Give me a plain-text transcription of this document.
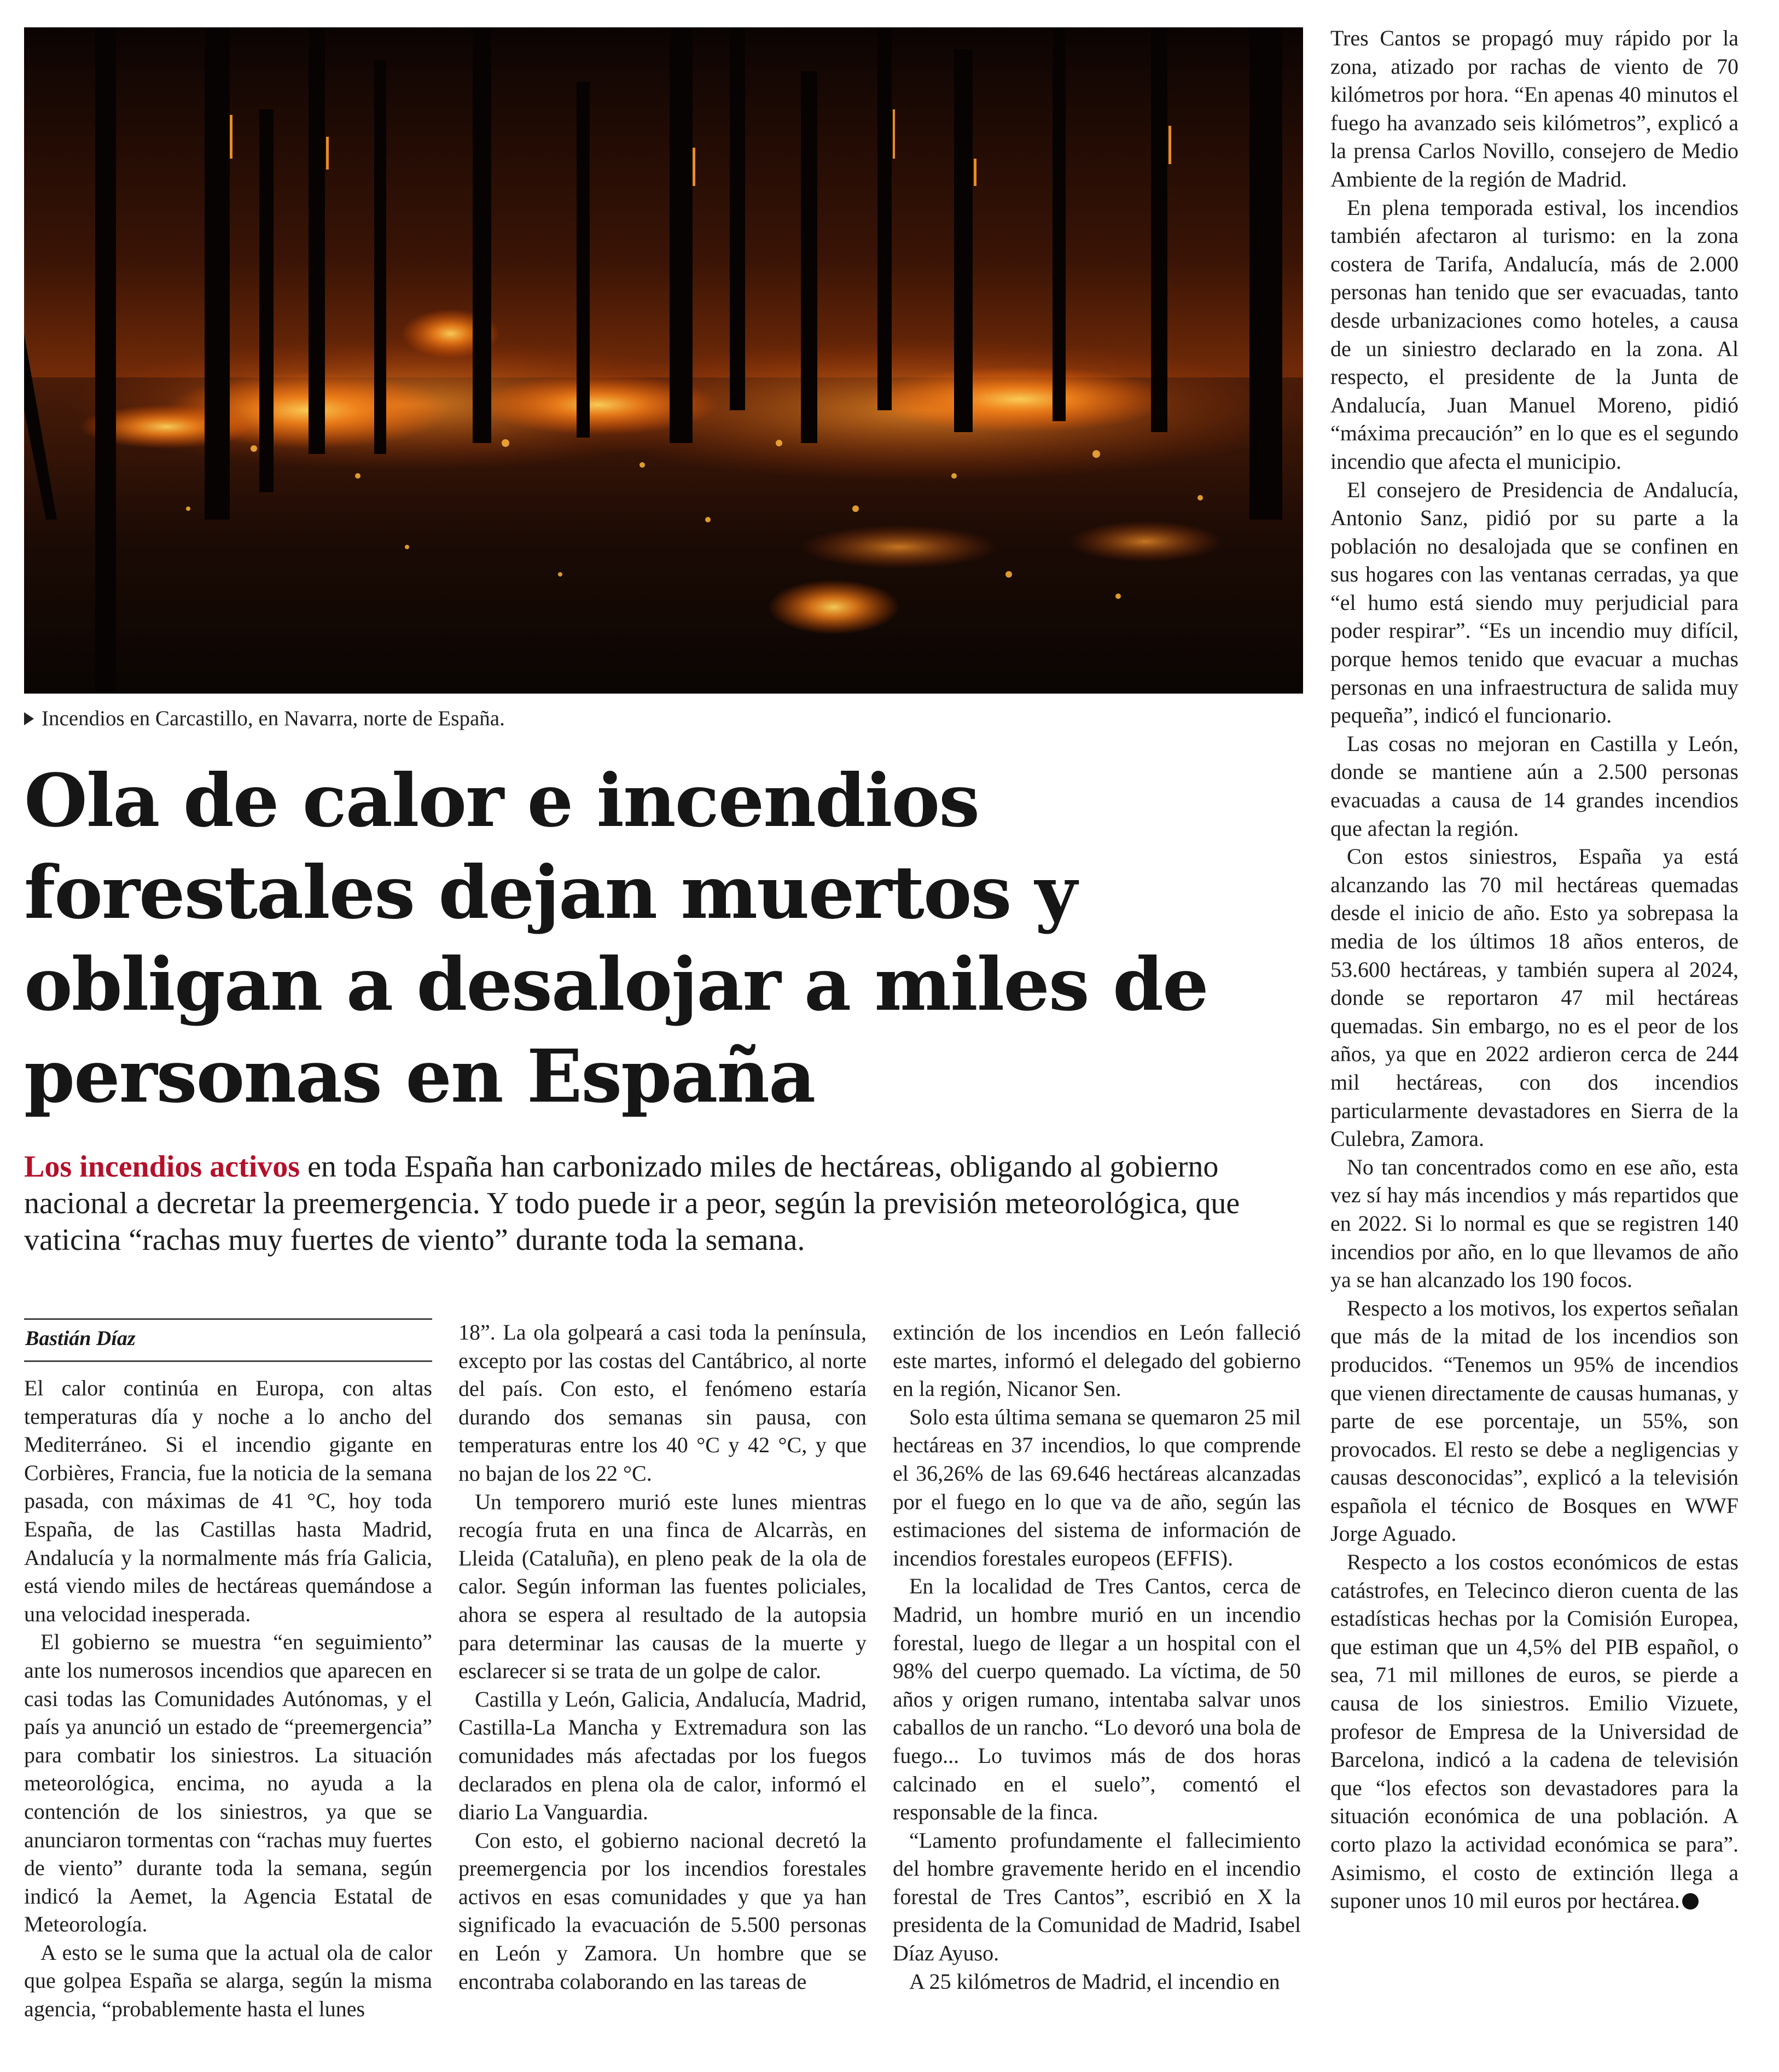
Incendios en Carcastillo, en Navarra, norte de España.
Ola de calor e incendios forestales dejan muertos y obligan a desalojar a miles de personas en España
Los incendios activos en toda España han carbonizado miles de hectáreas, obligando al gobierno nacional a decretar la preemergencia. Y todo puede ir a peor, según la previsión meteorológica, que vaticina “rachas muy fuertes de viento” durante toda la semana.
Bastián Díaz

El calor continúa en Europa, con altas temperaturas día y noche a lo ancho del Mediterráneo. Si el incendio gigante en Corbières, Francia, fue la noticia de la semana pasada, con máximas de 41 °C, hoy toda España, de las Castillas hasta Madrid, Andalucía y la normalmente más fría Galicia, está viendo miles de hectáreas quemándose a una velocidad inesperada.

El gobierno se muestra “en seguimiento” ante los numerosos incendios que aparecen en casi todas las Comunidades Autónomas, y el país ya anunció un estado de “preemergencia” para combatir los siniestros. La situación meteorológica, encima, no ayuda a la contención de los siniestros, ya que se anunciaron tormentas con “rachas muy fuertes de viento” durante toda la semana, según indicó la Aemet, la Agencia Estatal de Meteorología.

A esto se le suma que la actual ola de calor que golpea España se alarga, según la misma agencia, “probablemente hasta el lunes

18”. La ola golpeará a casi toda la península, excepto por las costas del Cantábrico, al norte del país. Con esto, el fenómeno estaría durando dos semanas sin pausa, con temperaturas entre los 40 °C y 42 °C, y que no bajan de los 22 °C.

Un temporero murió este lunes mientras recogía fruta en una finca de Alcarràs, en Lleida (Cataluña), en pleno peak de la ola de calor. Según informan las fuentes policiales, ahora se espera al resultado de la autopsia para determinar las causas de la muerte y esclarecer si se trata de un golpe de calor.

Castilla y León, Galicia, Andalucía, Madrid, Castilla-La Mancha y Extremadura son las comunidades más afectadas por los fuegos declarados en plena ola de calor, informó el diario La Vanguardia.

Con esto, el gobierno nacional decretó la preemergencia por los incendios forestales activos en esas comunidades y que ya han significado la evacuación de 5.500 personas en León y Zamora. Un hombre que se encontraba colaborando en las tareas de

extinción de los incendios en León falleció este martes, informó el delegado del gobierno en la región, Nicanor Sen.

Solo esta última semana se quemaron 25 mil hectáreas en 37 incendios, lo que comprende el 36,26% de las 69.646 hectáreas alcanzadas por el fuego en lo que va de año, según las estimaciones del sistema de información de incendios forestales europeos (EFFIS).

En la localidad de Tres Cantos, cerca de Madrid, un hombre murió en un incendio forestal, luego de llegar a un hospital con el 98% del cuerpo quemado. La víctima, de 50 años y origen rumano, intentaba salvar unos caballos de un rancho. “Lo devoró una bola de fuego... Lo tuvimos más de dos horas calcinado en el suelo”, comentó el responsable de la finca.

“Lamento profundamente el fallecimiento del hombre gravemente herido en el incendio forestal de Tres Cantos”, escribió en X la presidenta de la Comunidad de Madrid, Isabel Díaz Ayuso.

A 25 kilómetros de Madrid, el incendio en

Tres Cantos se propagó muy rápido por la zona, atizado por rachas de viento de 70 kilómetros por hora. “En apenas 40 minutos el fuego ha avanzado seis kilómetros”, explicó a la prensa Carlos Novillo, consejero de Medio Ambiente de la región de Madrid.

En plena temporada estival, los incendios también afectaron al turismo: en la zona costera de Tarifa, Andalucía, más de 2.000 personas han tenido que ser evacuadas, tanto desde urbanizaciones como hoteles, a causa de un siniestro declarado en la zona. Al respecto, el presidente de la Junta de Andalucía, Juan Manuel Moreno, pidió “máxima precaución” en lo que es el segundo incendio que afecta el municipio.

El consejero de Presidencia de Andalucía, Antonio Sanz, pidió por su parte a la población no desalojada que se confinen en sus hogares con las ventanas cerradas, ya que “el humo está siendo muy perjudicial para poder respirar”. “Es un incendio muy difícil, porque hemos tenido que evacuar a muchas personas en una infraestructura de salida muy pequeña”, indicó el funcionario.

Las cosas no mejoran en Castilla y León, donde se mantiene aún a 2.500 personas evacuadas a causa de 14 grandes incendios que afectan la región.

Con estos siniestros, España ya está alcanzando las 70 mil hectáreas quemadas desde el inicio de año. Esto ya sobrepasa la media de los últimos 18 años enteros, de 53.600 hectáreas, y también supera al 2024, donde se reportaron 47 mil hectáreas quemadas. Sin embargo, no es el peor de los años, ya que en 2022 ardieron cerca de 244 mil hectáreas, con dos incendios particularmente devastadores en Sierra de la Culebra, Zamora.

No tan concentrados como en ese año, esta vez sí hay más incendios y más repartidos que en 2022. Si lo normal es que se registren 140 incendios por año, en lo que llevamos de año ya se han alcanzado los 190 focos.

Respecto a los motivos, los expertos señalan que más de la mitad de los incendios son producidos. “Tenemos un 95% de incendios que vienen directamente de causas humanas, y parte de ese porcentaje, un 55%, son provocados. El resto se debe a negligencias y causas desconocidas”, explicó a la televisión española el técnico de Bosques en WWF Jorge Aguado.

Respecto a los costos económicos de estas catástrofes, en Telecinco dieron cuenta de las estadísticas hechas por la Comisión Europea, que estiman que un 4,5% del PIB español, o sea, 71 mil millones de euros, se pierde a causa de los siniestros. Emilio Vizuete, profesor de Empresa de la Universidad de Barcelona, indicó a la cadena de televisión que “los efectos son devastadores para la situación económica de una población. A corto plazo la actividad económica se para”. Asimismo, el costo de extinción llega a suponer unos 10 mil euros por hectárea.
